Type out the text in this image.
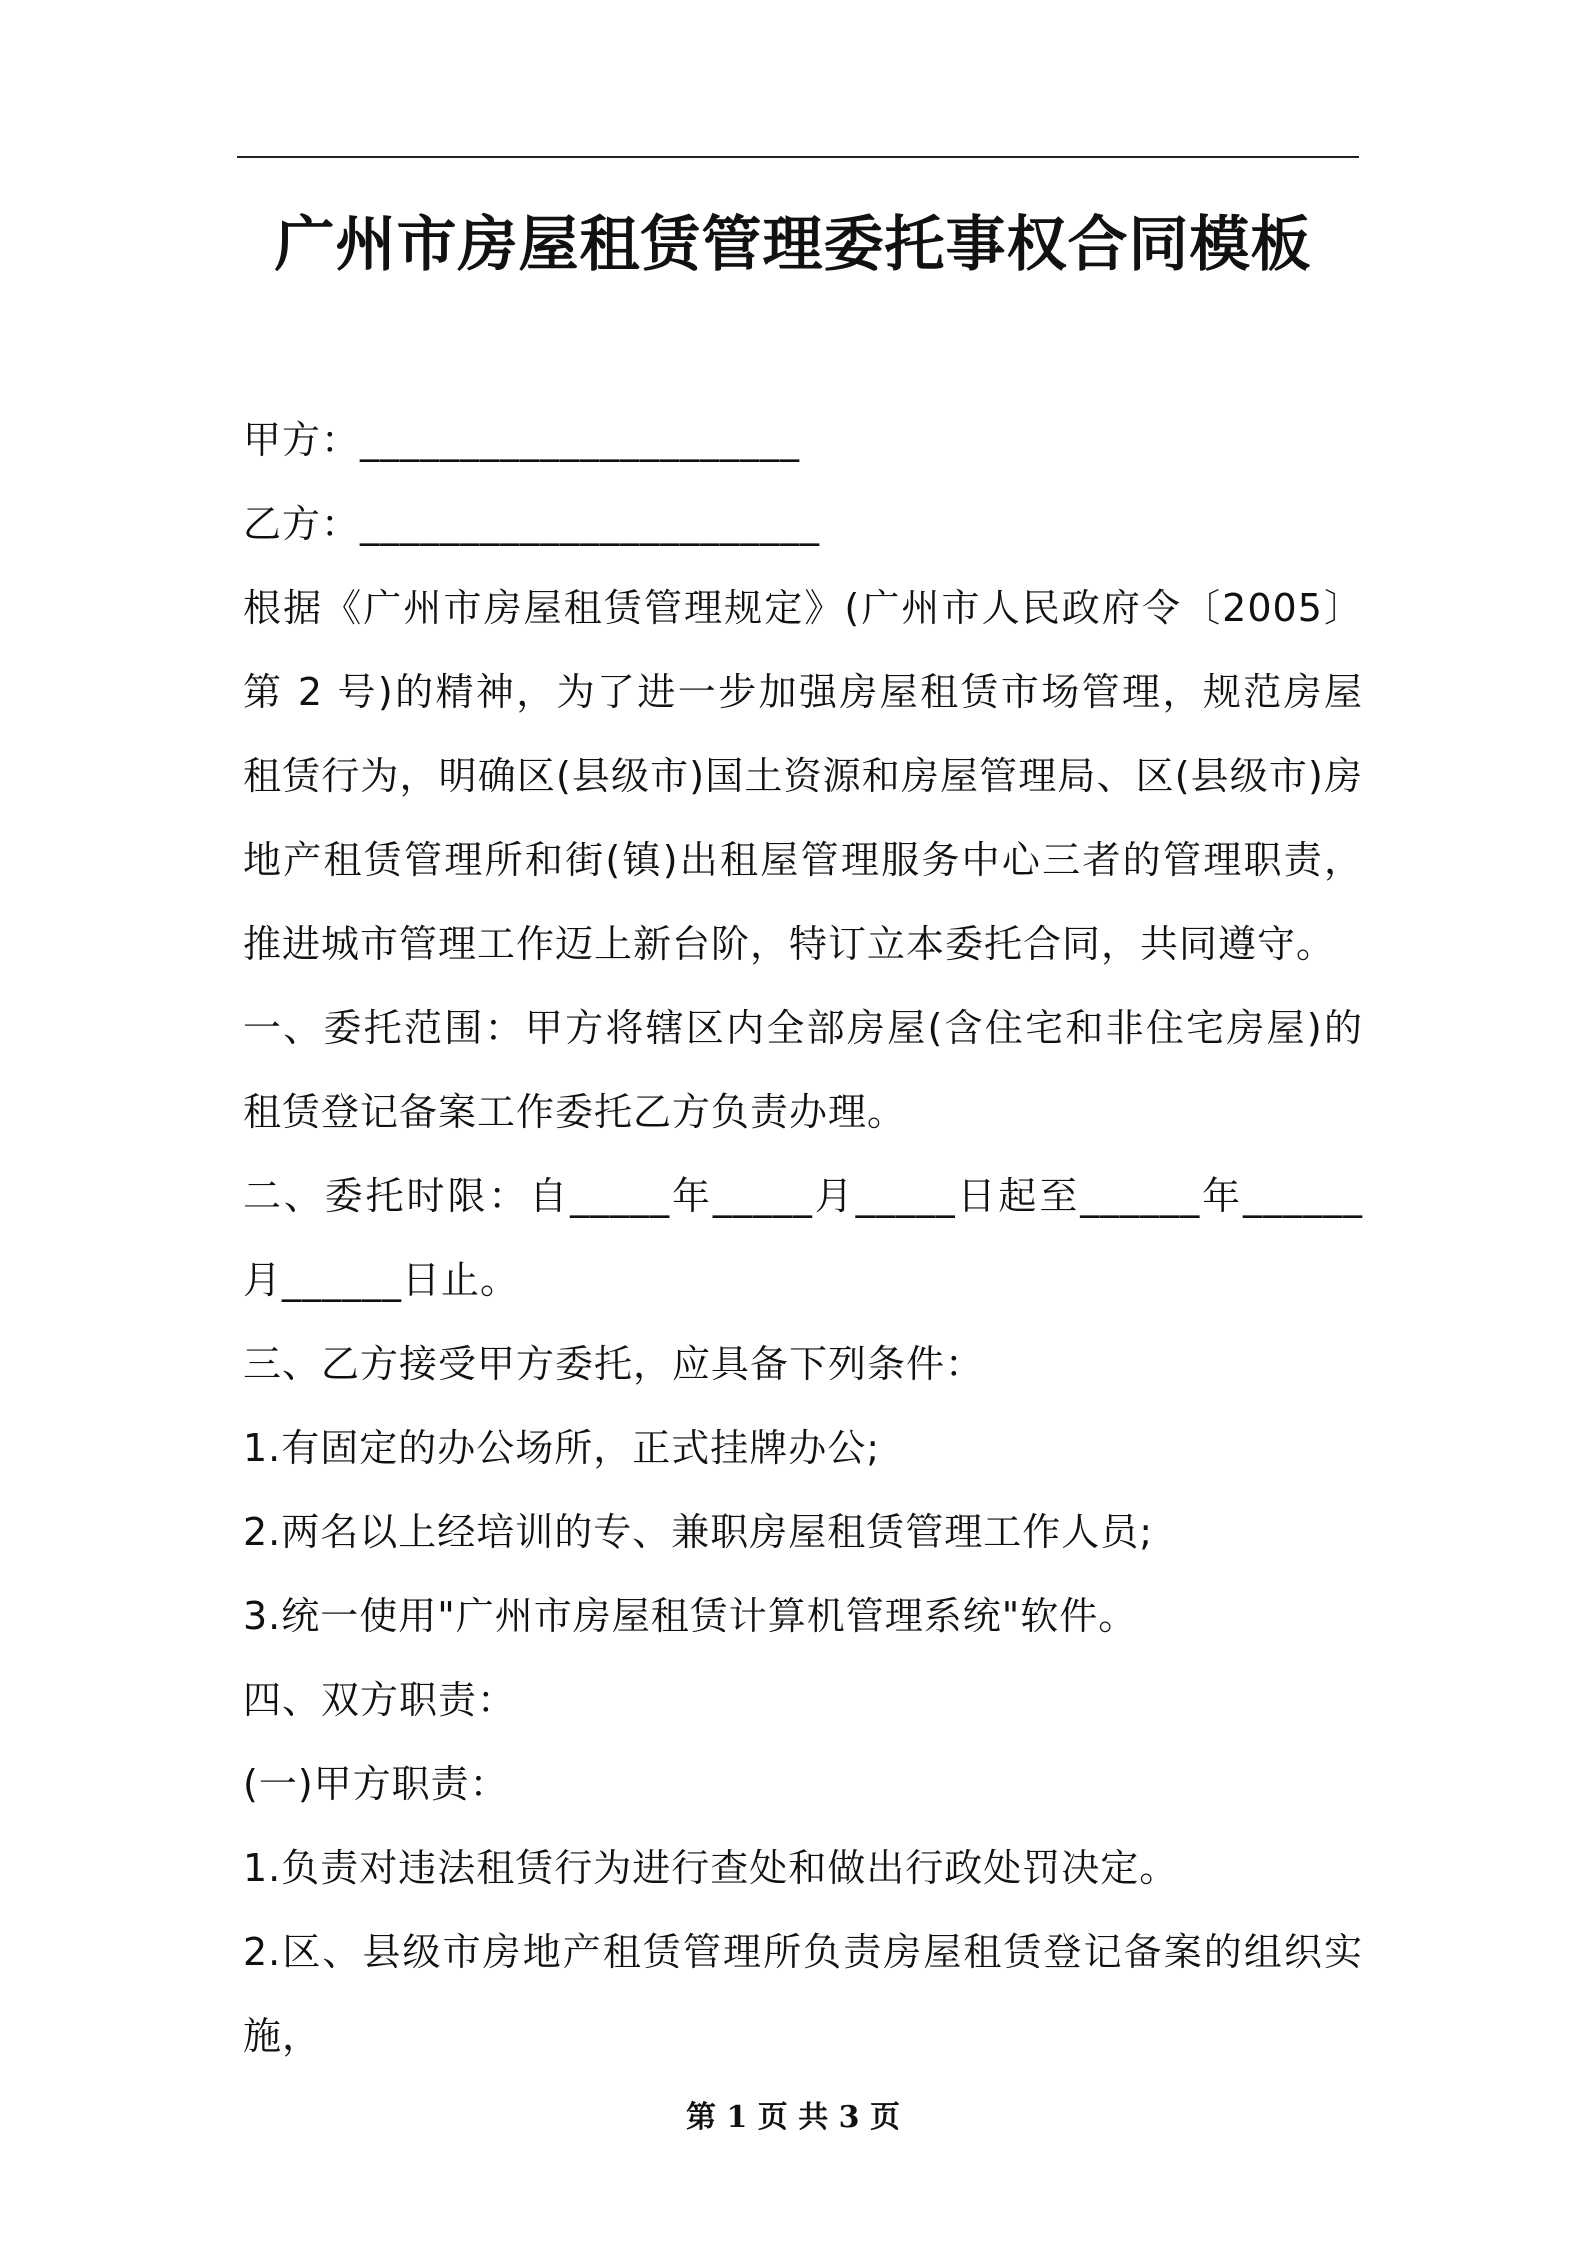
广州市房屋租赁管理委托事权合同模板

甲方：______________________

乙方：_______________________

根据《广州市房屋租赁管理规定》(广州市人民政府令〔2005〕第 2 号)的精神，为了进一步加强房屋租赁市场管理，规范房屋租赁行为，明确区(县级市)国土资源和房屋管理局、区(县级市)房地产租赁管理所和街(镇)出租屋管理服务中心三者的管理职责，推进城市管理工作迈上新台阶，特订立本委托合同，共同遵守。

一、委托范围：甲方将辖区内全部房屋(含住宅和非住宅房屋)的租赁登记备案工作委托乙方负责办理。

二、委托时限：自_____年_____月_____日起至______年______月______日止。

三、乙方接受甲方委托，应具备下列条件：

1.有固定的办公场所，正式挂牌办公;

2.两名以上经培训的专、兼职房屋租赁管理工作人员;

3.统一使用"广州市房屋租赁计算机管理系统"软件。

四、双方职责：

(一)甲方职责：

1.负责对违法租赁行为进行查处和做出行政处罚决定。

2.区、县级市房地产租赁管理所负责房屋租赁登记备案的组织实施，

第 1 页 共 3 页
